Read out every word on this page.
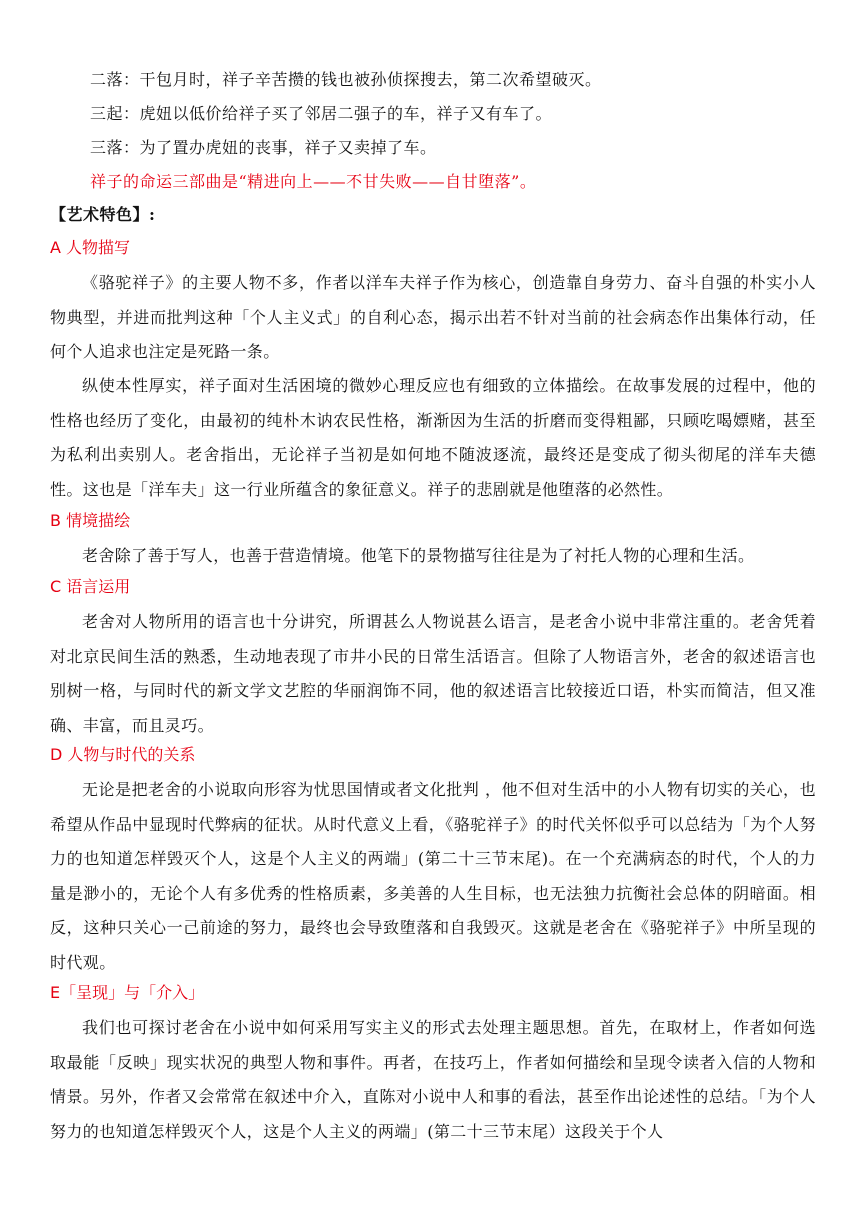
二落：干包月时，祥子辛苦攒的钱也被孙侦探搜去，第二次希望破灭。
三起：虎妞以低价给祥子买了邻居二强子的车，祥子又有车了。
三落：为了置办虎妞的丧事，祥子又卖掉了车。
祥子的命运三部曲是“精进向上——不甘失败——自甘堕落”。
【艺术特色】:
A 人物描写
《骆驼祥子》的主要人物不多，作者以洋车夫祥子作为核心，创造靠自身劳力、奋斗自强的朴实小人物典型，并进而批判这种「个人主义式」的自利心态，揭示出若不针对当前的社会病态作出集体行动，任何个人追求也注定是死路一条。
纵使本性厚实，祥子面对生活困境的微妙心理反应也有细致的立体描绘。在故事发展的过程中，他的性格也经历了变化，由最初的纯朴木讷农民性格，渐渐因为生活的折磨而变得粗鄙，只顾吃喝嫖赌，甚至为私利出卖别人。老舍指出，无论祥子当初是如何地不随波逐流，最终还是变成了彻头彻尾的洋车夫德性。这也是「洋车夫」这一行业所蕴含的象征意义。祥子的悲剧就是他堕落的必然性。
B 情境描绘
老舍除了善于写人，也善于营造情境。他笔下的景物描写往往是为了衬托人物的心理和生活。
C 语言运用
老舍对人物所用的语言也十分讲究，所谓甚么人物说甚么语言，是老舍小说中非常注重的。老舍凭着对北京民间生活的熟悉，生动地表现了市井小民的日常生活语言。但除了人物语言外，老舍的叙述语言也别树一格，与同时代的新文学文艺腔的华丽润饰不同，他的叙述语言比较接近口语，朴实而简洁，但又准确、丰富，而且灵巧。
D 人物与时代的关系
无论是把老舍的小说取向形容为忧思国情或者文化批判 ，他不但对生活中的小人物有切实的关心，也希望从作品中显现时代弊病的征状。从时代意义上看，《骆驼祥子》的时代关怀似乎可以总结为「为个人努力的也知道怎样毁灭个人，这是个人主义的两端」(第二十三节末尾)。在一个充满病态的时代，个人的力量是渺小的，无论个人有多优秀的性格质素，多美善的人生目标，也无法独力抗衡社会总体的阴暗面。相反，这种只关心一己前途的努力，最终也会导致堕落和自我毁灭。这就是老舍在《骆驼祥子》中所呈现的时代观。
E「呈现」与「介入」
我们也可探讨老舍在小说中如何采用写实主义的形式去处理主题思想。首先，在取材上，作者如何选取最能「反映」现实状况的典型人物和事件。再者，在技巧上，作者如何描绘和呈现令读者入信的人物和情景。另外，作者又会常常在叙述中介入，直陈对小说中人和事的看法，甚至作出论述性的总结。「为个人努力的也知道怎样毁灭个人，这是个人主义的两端」(第二十三节末尾）这段关于个人
